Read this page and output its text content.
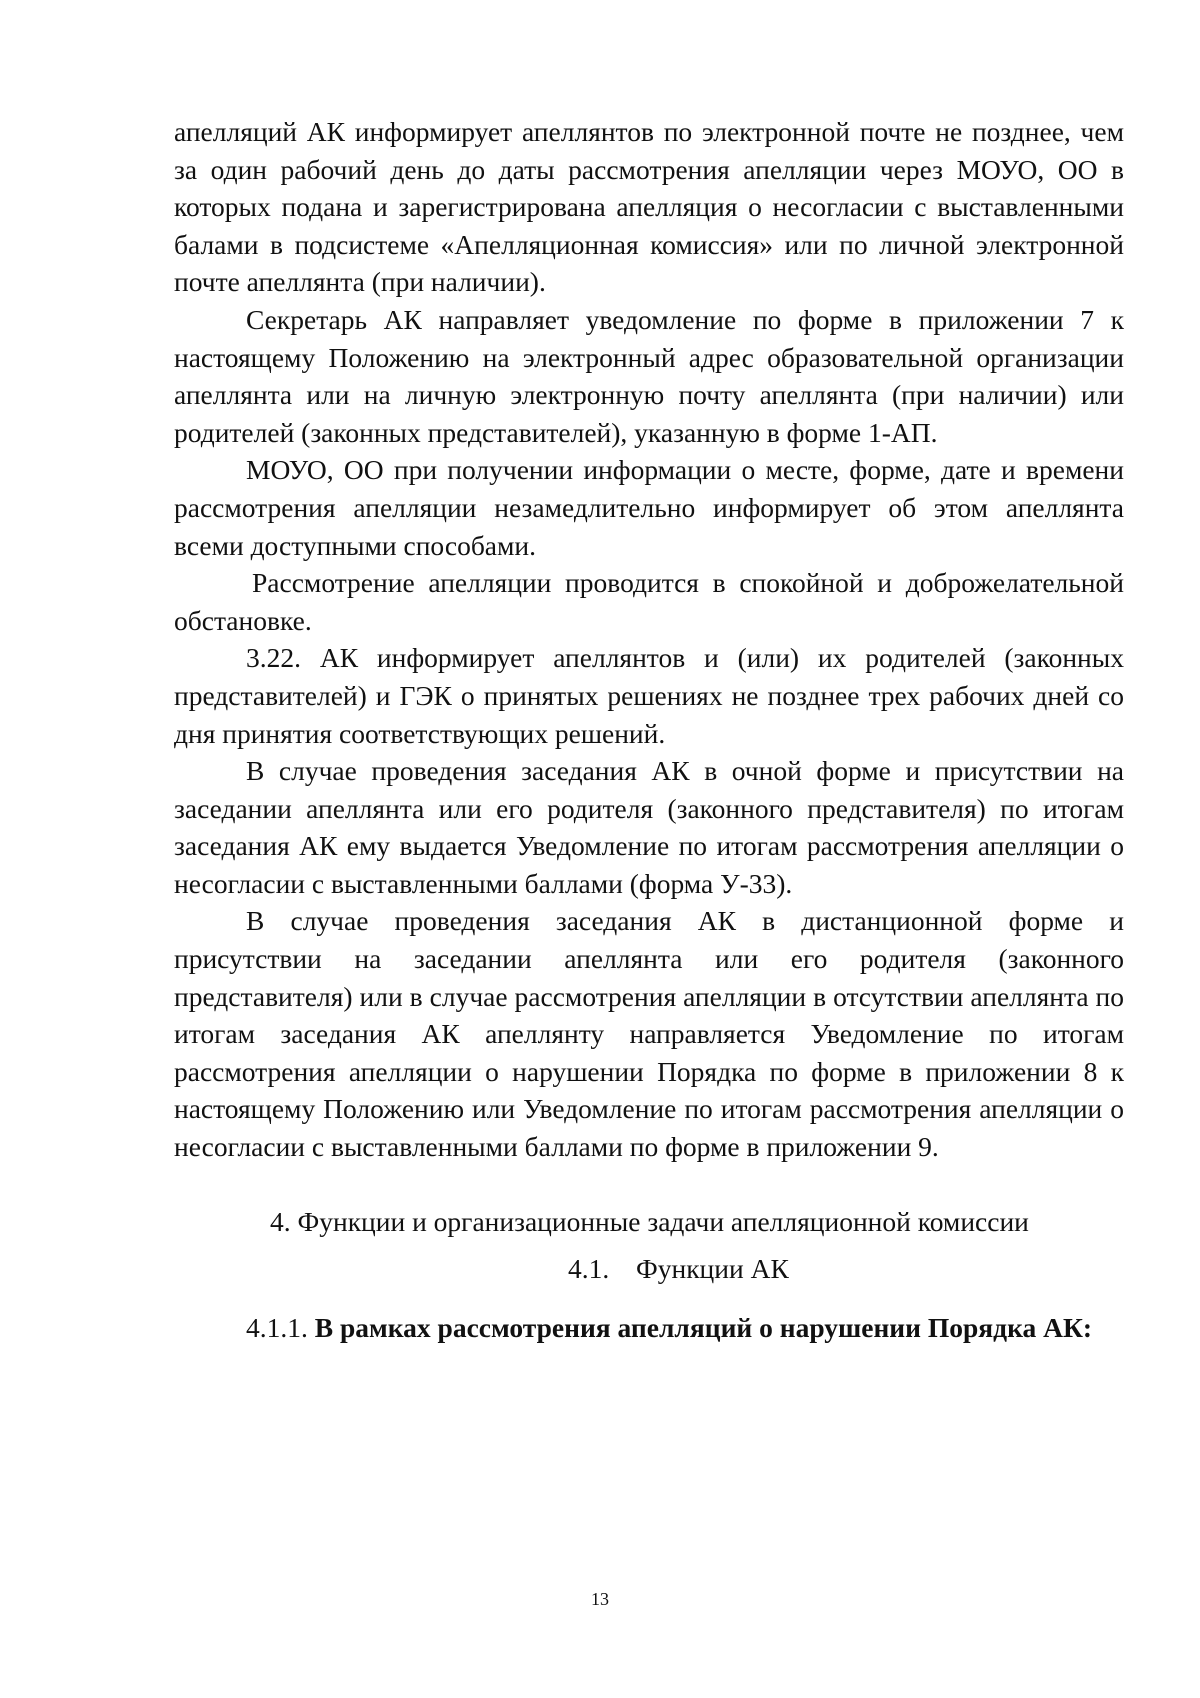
апелляций АК информирует апеллянтов по электронной почте не позднее, чем за один рабочий день до даты рассмотрения апелляции через МОУО, ОО в которых подана и зарегистрирована апелляция о несогласии с выставленными балами в подсистеме «Апелляционная комиссия» или по личной электронной почте апеллянта (при наличии).

Секретарь АК направляет уведомление по форме в приложении 7 к настоящему Положению на электронный адрес образовательной организации апеллянта или на личную электронную почту апеллянта (при наличии) или родителей (законных представителей), указанную в форме 1-АП.

МОУО, ОО при получении информации о месте, форме, дате и времени рассмотрения апелляции незамедлительно информирует об этом апеллянта всеми доступными способами.

Рассмотрение апелляции проводится в спокойной и доброжелательной обстановке.

3.22. АК информирует апеллянтов и (или) их родителей (законных представителей) и ГЭК о принятых решениях не позднее трех рабочих дней со дня принятия соответствующих решений.

В случае проведения заседания АК в очной форме и присутствии на заседании апеллянта или его родителя (законного представителя) по итогам заседания АК ему выдается Уведомление по итогам рассмотрения апелляции о несогласии с выставленными баллами (форма У-33).

В случае проведения заседания АК в дистанционной форме и присутствии на заседании апеллянта или его родителя (законного представителя) или в случае рассмотрения апелляции в отсутствии апеллянта по итогам заседания АК апеллянту направляется Уведомление по итогам рассмотрения апелляции о нарушении Порядка по форме в приложении 8 к настоящему Положению или Уведомление по итогам рассмотрения апелляции о несогласии с выставленными баллами по форме в приложении 9.

4. Функции и организационные задачи апелляционной комиссии

4.1. Функции АК

4.1.1. В рамках рассмотрения апелляций о нарушении Порядка АК:

13
